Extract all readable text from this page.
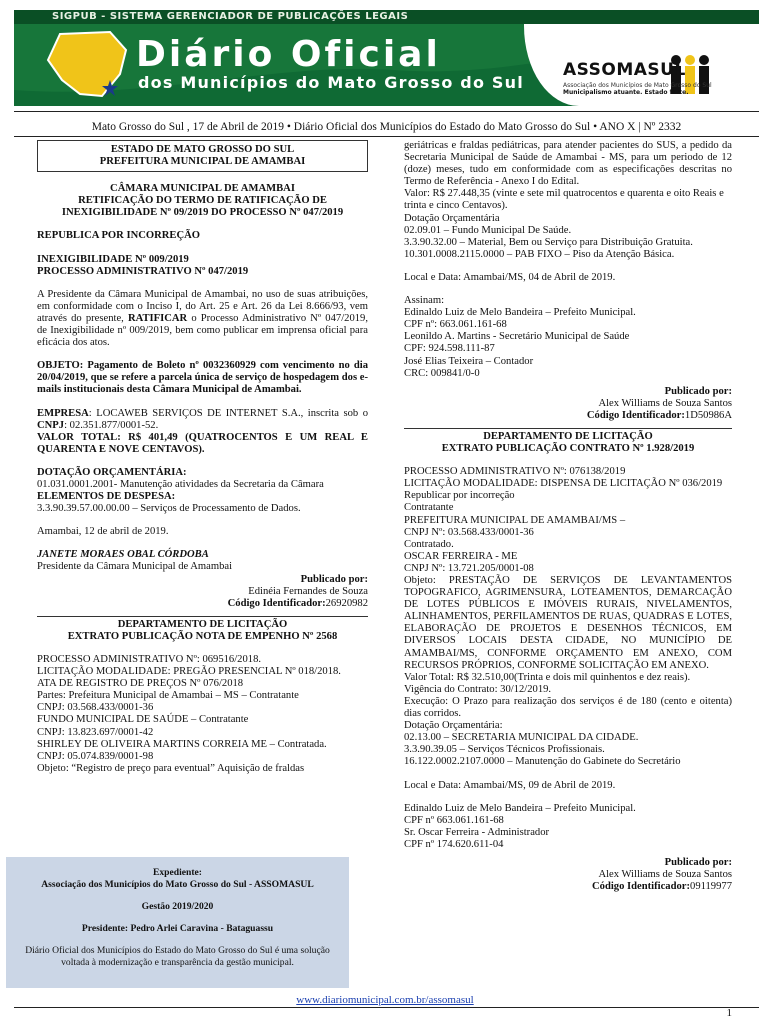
SIGPUB - SISTEMA GERENCIADOR DE PUBLICAÇÕES LEGAIS
Diário Oficial
dos Municípios do Mato Grosso do Sul
ASSOMASUL
Associação dos Municípios de Mato Grosso do Sul
Municipalismo atuante. Estado forte.
Mato Grosso do Sul , 17 de Abril de 2019 • Diário Oficial dos Municípios do Estado do Mato Grosso do Sul • ANO X | Nº 2332
ESTADO DE MATO GROSSO DO SUL
PREFEITURA MUNICIPAL DE AMAMBAI
CÂMARA MUNICIPAL DE AMAMBAI
RETIFICAÇÃO DO TERMO DE RATIFICAÇÃO DE
INEXIGIBILIDADE Nº 09/2019 DO PROCESSO Nº 047/2019
REPUBLICA POR INCORREÇÃO
INEXIGIBILIDADE Nº 009/2019
PROCESSO ADMINISTRATIVO Nº 047/2019

A Presidente da Câmara Municipal de Amambai, no uso de suas atribuições, em conformidade com o Inciso I, do Art. 25 e Art. 26 da Lei 8.666/93, vem através do presente, RATIFICAR o Processo Administrativo Nº 047/2019, de Inexigibilidade nº 009/2019, bem como publicar em imprensa oficial para eficácia dos atos.

OBJETO: Pagamento de Boleto nº 0032360929 com vencimento no dia 20/04/2019, que se refere a parcela única de serviço de hospedagem dos e-mails institucionais desta Câmara Municipal de Amambai.

EMPRESA: LOCAWEB SERVIÇOS DE INTERNET S.A., inscrita sob o CNPJ: 02.351.877/0001-52.

VALOR TOTAL: R$ 401,49 (QUATROCENTOS E UM REAL E QUARENTA E NOVE CENTAVOS).

DOTAÇÃO ORÇAMENTÁRIA:
01.031.0001.2001- Manutenção atividades da Secretaria da Câmara
ELEMENTOS DE DESPESA:
3.3.90.39.57.00.00.00 – Serviços de Processamento de Dados.
Amambai, 12 de abril de 2019.
JANETE MORAES OBAL CÓRDOBA
Presidente da Câmara Municipal de Amambai
Publicado por:
Edinéia Fernandes de Souza
Código Identificador:26920982
DEPARTAMENTO DE LICITAÇÃO
EXTRATO PUBLICAÇÃO NOTA DE EMPENHO Nº 2568
PROCESSO ADMINISTRATIVO Nº: 069516/2018.
LICITAÇÃO MODALIDADE: PREGÃO PRESENCIAL Nº 018/2018.
ATA DE REGISTRO DE PREÇOS Nº 076/2018
Partes: Prefeitura Municipal de Amambai – MS – Contratante
CNPJ: 03.568.433/0001-36
FUNDO MUNICIPAL DE SAÚDE – Contratante
CNPJ: 13.823.697/0001-42
SHIRLEY DE OLIVEIRA MARTINS CORREIA ME – Contratada.
CNPJ: 05.074.839/0001-98
Objeto: “Registro de preço para eventual” Aquisição de fraldas
Expediente:
Associação dos Municípios do Mato Grosso do Sul - ASSOMASUL
Gestão 2019/2020
Presidente: Pedro Arlei Caravina - Bataguassu
Diário Oficial dos Municípios do Estado do Mato Grosso do Sul é uma solução voltada à modernização e transparência da gestão municipal.

geriátricas e fraldas pediátricas, para atender pacientes do SUS, a pedido da Secretaria Municipal de Saúde de Amambai - MS, para um periodo de 12 (doze) meses, tudo em conformidade com as especificações descritas no Termo de Referência - Anexo I do Edital.

Valor: R$ 27.448,35 (vinte e sete mil quatrocentos e quarenta e oito Reais e trinta e cinco Centavos).

Dotação Orçamentária
02.09.01 – Fundo Municipal De Saúde.
3.3.90.32.00 – Material, Bem ou Serviço para Distribuição Gratuita.
10.301.0008.2115.0000 – PAB FIXO – Piso da Atenção Básica.
Local e Data: Amambai/MS, 04 de Abril de 2019.
Assinam:
Edinaldo Luiz de Melo Bandeira – Prefeito Municipal.
CPF nº: 663.061.161-68
Leonildo A. Martins - Secretário Municipal de Saúde
CPF: 924.598.111-87
José Elias Teixeira – Contador
CRC: 009841/0-0
Publicado por:
Alex Williams de Souza Santos
Código Identificador:1D50986A
DEPARTAMENTO DE LICITAÇÃO
EXTRATO PUBLICAÇÃO CONTRATO Nº 1.928/2019
PROCESSO ADMINISTRATIVO Nº: 076138/2019
LICITAÇÃO MODALIDADE: DISPENSA DE LICITAÇÃO Nº 036/2019
Republicar por incorreção
Contratante
PREFEITURA MUNICIPAL DE AMAMBAI/MS –
CNPJ Nº: 03.568.433/0001-36
Contratado.
OSCAR FERREIRA - ME
CNPJ Nº: 13.721.205/0001-08

Objeto: PRESTAÇÃO DE SERVIÇOS DE LEVANTAMENTOS TOPOGRAFICO, AGRIMENSURA, LOTEAMENTOS, DEMARCAÇÃO DE LOTES PÚBLICOS E IMÓVEIS RURAIS, NIVELAMENTOS, ALINHAMENTOS, PERFILAMENTOS DE RUAS, QUADRAS E LOTES, ELABORAÇÃO DE PROJETOS E DESENHOS TÉCNICOS, EM DIVERSOS LOCAIS DESTA CIDADE, NO MUNICÍPIO DE AMAMBAI/MS, CONFORME ORÇAMENTO EM ANEXO, COM RECURSOS PRÓPRIOS, CONFORME SOLICITAÇÃO EM ANEXO.

Valor Total: R$ 32.510,00(Trinta e dois mil quinhentos e dez reais).
Vigência do Contrato: 30/12/2019.
Execução: O Prazo para realização dos serviços é de 180 (cento e oitenta) dias corridos.
Dotação Orçamentária:
02.13.00 – SECRETARIA MUNICIPAL DA CIDADE.
3.3.90.39.05 – Serviços Técnicos Profissionais.
16.122.0002.2107.0000 – Manutenção do Gabinete do Secretário
Local e Data: Amambai/MS, 09 de Abril de 2019.
Edinaldo Luiz de Melo Bandeira – Prefeito Municipal.
CPF nº 663.061.161-68
Sr. Oscar Ferreira - Administrador
CPF nº 174.620.611-04
Publicado por:
Alex Williams de Souza Santos
Código Identificador:09119977
www.diariomunicipal.com.br/assomasul
1
